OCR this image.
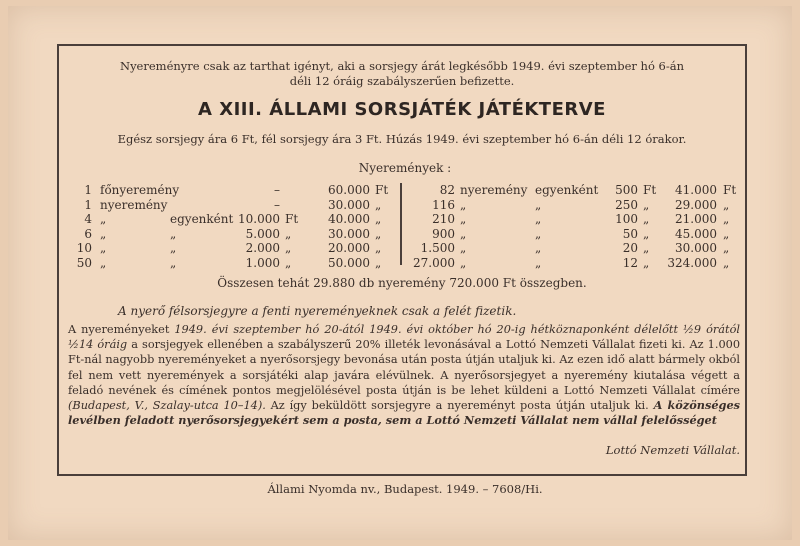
Nyereményre csak az tarthat igényt, aki a sorsjegy árát legkésőbb 1949. évi szeptember hó 6-án
déli 12 óráig szabályszerűen befizette.
A XIII. ÁLLAMI SORSJÁTÉK JÁTÉKTERVE
Egész sorsjegy ára 6 Ft, fél sorsjegy ára 3 Ft. Húzás 1949. évi szeptember hó 6-án déli 12 órakor.
Nyeremények :
1 főnyeremény	–	60.000 Ft
1 nyeremény	–	30.000 „
4 „	egyenként 10.000 Ft 40.000 „
6 „	„	5.000 „	30.000 „
10 „	„	2.000 „	20.000 „
50 „	„	1.000 „	50.000 „
82 nyeremény egyenként 500 Ft 41.000 Ft
116 „	„	250 „ 29.000 „
210 „	„	100 „ 21.000 „
900 „	„	50 „ 45.000 „
1.500 „	„	20 „ 30.000 „
27.000 „	„	12 „ 324.000 „
Összesen tehát 29.880 db nyeremény 720.000 Ft összegben.
A nyerő félsorsjegyre a fenti nyereményeknek csak a felét fizetik.

A nyereményeket 1949. évi szeptember hó 20-ától 1949. évi október hó 20-ig hétköznaponként délelőtt ½9 órától ½14 óráig a sorsjegyek ellenében a szabályszerű 20% illeték levonásával a Lottó Nemzeti Vállalat fizeti ki. Az 1.000 Ft-nál nagyobb nyereményeket a nyerősorsjegy bevonása után posta útján utaljuk ki. Az ezen idő alatt bármely okból fel nem vett nyeremények a sorsjátéki alap javára elévülnek. A nyerősorsjegyet a nyeremény kiutalása végett a feladó nevének és címének pontos megjelölésével posta útján is be lehet küldeni a Lottó Nemzeti Vállalat címére (Budapest, V., Szalay-utca 10–14). Az így beküldött sorsjegyre a nyereményt posta útján utaljuk ki. A közönséges levélben feladott nyerősorsjegyekért sem a posta, sem a Lottó Nemzeti Vállalat nem vállal felelősséget

Lottó Nemzeti Vállalat.
Állami Nyomda nv., Budapest. 1949. – 7608/Hi.
